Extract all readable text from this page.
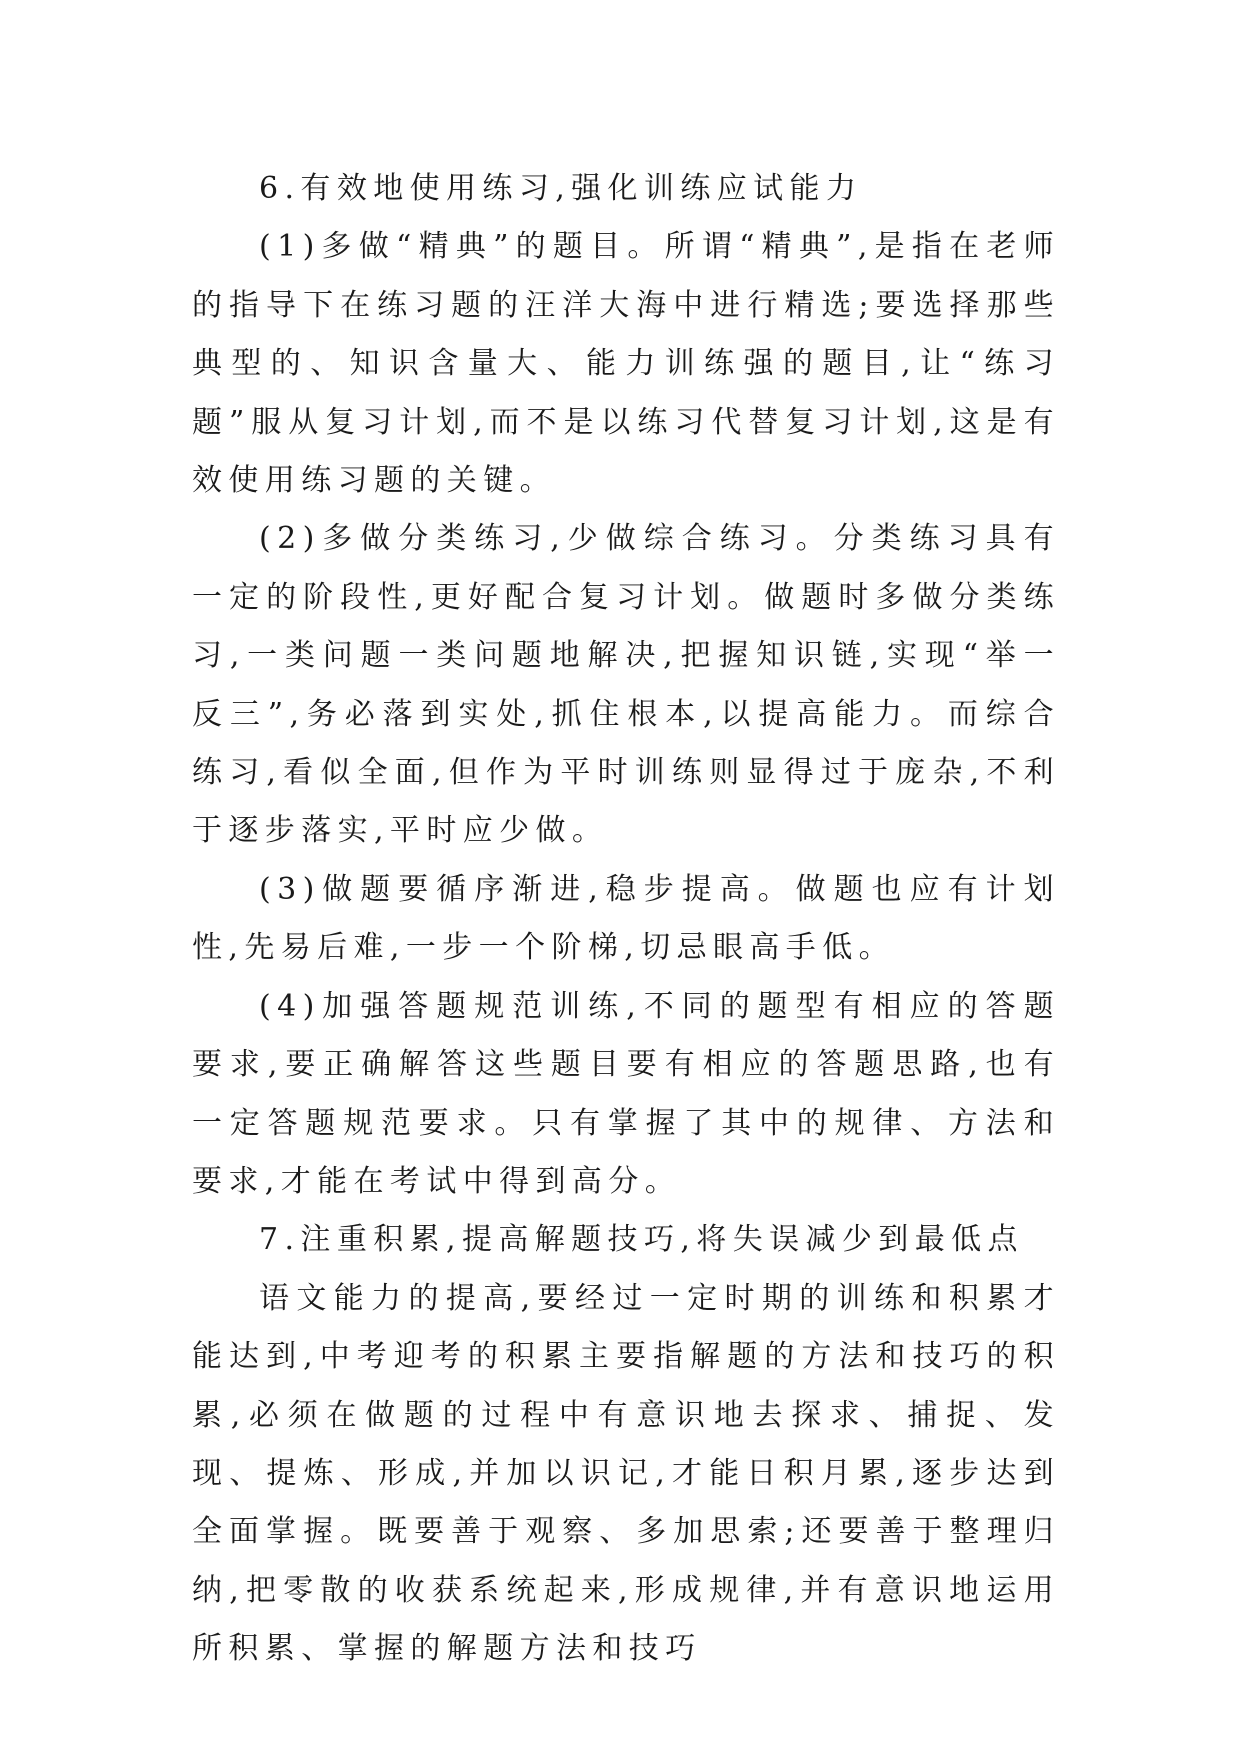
6.有效地使用练习,强化训练应试能力

(1)多做“精典”的题目。所谓“精典”,是指在老师的指导下在练习题的汪洋大海中进行精选;要选择那些典型的、知识含量大、能力训练强的题目,让“练习题”服从复习计划,而不是以练习代替复习计划,这是有效使用练习题的关键。

(2)多做分类练习,少做综合练习。分类练习具有一定的阶段性,更好配合复习计划。做题时多做分类练习,一类问题一类问题地解决,把握知识链,实现“举一反三”,务必落到实处,抓住根本,以提高能力。而综合练习,看似全面,但作为平时训练则显得过于庞杂,不利于逐步落实,平时应少做。

(3)做题要循序渐进,稳步提高。做题也应有计划性,先易后难,一步一个阶梯,切忌眼高手低。

(4)加强答题规范训练,不同的题型有相应的答题要求,要正确解答这些题目要有相应的答题思路,也有一定答题规范要求。只有掌握了其中的规律、方法和要求,才能在考试中得到高分。

7.注重积累,提高解题技巧,将失误减少到最低点

语文能力的提高,要经过一定时期的训练和积累才能达到,中考迎考的积累主要指解题的方法和技巧的积累,必须在做题的过程中有意识地去探求、捕捉、发现、提炼、形成,并加以识记,才能日积月累,逐步达到全面掌握。既要善于观察、多加思索;还要善于整理归纳,把零散的收获系统起来,形成规律,并有意识地运用所积累、掌握的解题方法和技巧
